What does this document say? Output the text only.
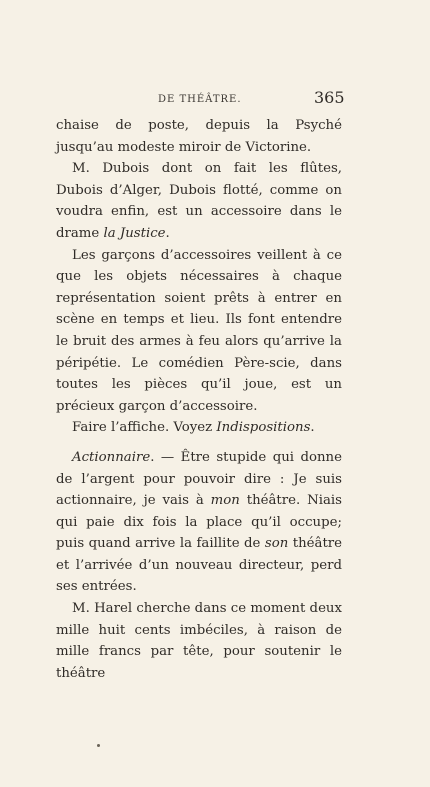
DE THÉÂTRE.	365

chaise de poste, depuis la Psyché jusqu’au modeste miroir de Victorine.

M. Dubois dont on fait les flûtes, Dubois d’Alger, Dubois flotté, comme on voudra enfin, est un accessoire dans le drame la Justice.

Les garçons d’accessoires veillent à ce que les objets nécessaires à chaque représentation soient prêts à entrer en scène en temps et lieu. Ils font entendre le bruit des armes à feu alors qu’arrive la péripétie. Le comédien Père-scie, dans toutes les pièces qu’il joue, est un précieux garçon d’accessoire.

Faire l’affiche. Voyez Indispositions.

Actionnaire. — Être stupide qui donne de l’argent pour pouvoir dire : Je suis actionnaire, je vais à mon théâtre. Niais qui paie dix fois la place qu’il occupe; puis quand arrive la faillite de son théâtre et l’arrivée d’un nouveau directeur, perd ses entrées.

M. Harel cherche dans ce moment deux mille huit cents imbéciles, à raison de mille francs par tête, pour soutenir le théâtre
